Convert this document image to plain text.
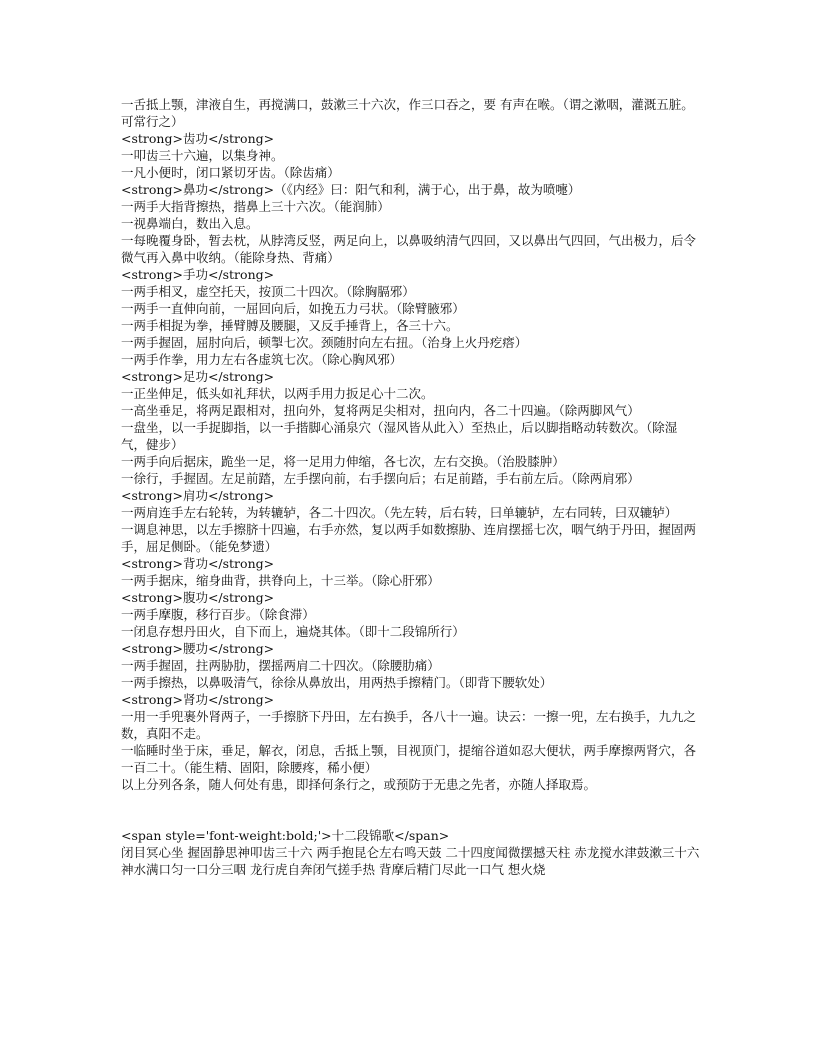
一舌抵上颚，津液自生，再搅满口，鼓漱三十六次，作三口吞之，要 有声在喉。（谓之漱咽，灌溉五脏。可常行之）

<strong>齿功</strong>

一叩齿三十六遍，以集身神。

一凡小便时，闭口紧切牙齿。（除齿痛）

<strong>鼻功</strong>（《内经》曰：阳气和利，满于心，出于鼻，故为喷嚏）

一两手大指背擦热，揩鼻上三十六次。（能润肺）

一视鼻端白，数出入息。

一每晚覆身卧，暂去枕，从脖湾反竖，两足向上，以鼻吸纳清气四回，又以鼻出气四回，气出极力，后令微气再入鼻中收纳。（能除身热、背痛）

<strong>手功</strong>

一两手相叉，虚空托天，按顶二十四次。（除胸膈邪）

一两手一直伸向前，一屈回向后，如挽五力弓状。（除臂腋邪）

一两手相捉为拳，捶臂膊及腰腿，又反手捶背上，各三十六。

一两手握固，屈肘向后，顿掣七次。颈随肘向左右扭。（治身上火丹疙瘩）

一两手作拳，用力左右各虚筑七次。（除心胸风邪）

<strong>足功</strong>

一正坐伸足，低头如礼拜状，以两手用力扳足心十二次。

一高坐垂足，将两足跟相对，扭向外，复将两足尖相对，扭向内，各二十四遍。（除两脚风气）

一盘坐，以一手捉脚指，以一手揩脚心涌泉穴（湿风皆从此入）至热止，后以脚指略动转数次。（除湿气，健步）

一两手向后据床，跪坐一足，将一足用力伸缩，各七次，左右交换。（治股膝肿）

一徐行，手握固。左足前踏，左手摆向前，右手摆向后；右足前踏，手右前左后。（除两肩邪）

<strong>肩功</strong>

一两肩连手左右轮转，为转辘轳，各二十四次。（先左转，后右转，曰单辘轳，左右同转，曰双辘轳）

一调息神思，以左手擦脐十四遍，右手亦然，复以两手如数擦胁、连肩摆摇七次，咽气纳于丹田，握固两手，屈足侧卧。（能免梦遗）

<strong>背功</strong>

一两手据床，缩身曲背，拱脊向上，十三举。（除心肝邪）

<strong>腹功</strong>

一两手摩腹，移行百步。（除食滞）

一闭息存想丹田火，自下而上，遍烧其体。（即十二段锦所行）

<strong>腰功</strong>

一两手握固，拄两胁肋，摆摇两肩二十四次。（除腰肋痛）

一两手擦热，以鼻吸清气，徐徐从鼻放出，用两热手擦精门。（即背下腰软处）

<strong>肾功</strong>

一用一手兜裹外肾两子，一手擦脐下丹田，左右换手，各八十一遍。诀云：一擦一兜，左右换手，九九之数，真阳不走。

一临睡时坐于床，垂足，解衣，闭息，舌抵上颚，目视顶门，提缩谷道如忍大便状，两手摩擦两肾穴，各一百二十。（能生精、固阳，除腰疼，稀小便）

以上分列各条，随人何处有患，即择何条行之，或预防于无患之先者，亦随人择取焉。

<span style='font-weight:bold;'>十二段锦歌</span>

闭目冥心坐 握固静思神叩齿三十六 两手抱昆仑左右鸣天鼓 二十四度闻微摆撼天柱 赤龙搅水津鼓漱三十六 神水满口匀一口分三咽 龙行虎自奔闭气搓手热 背摩后精门尽此一口气 想火烧
